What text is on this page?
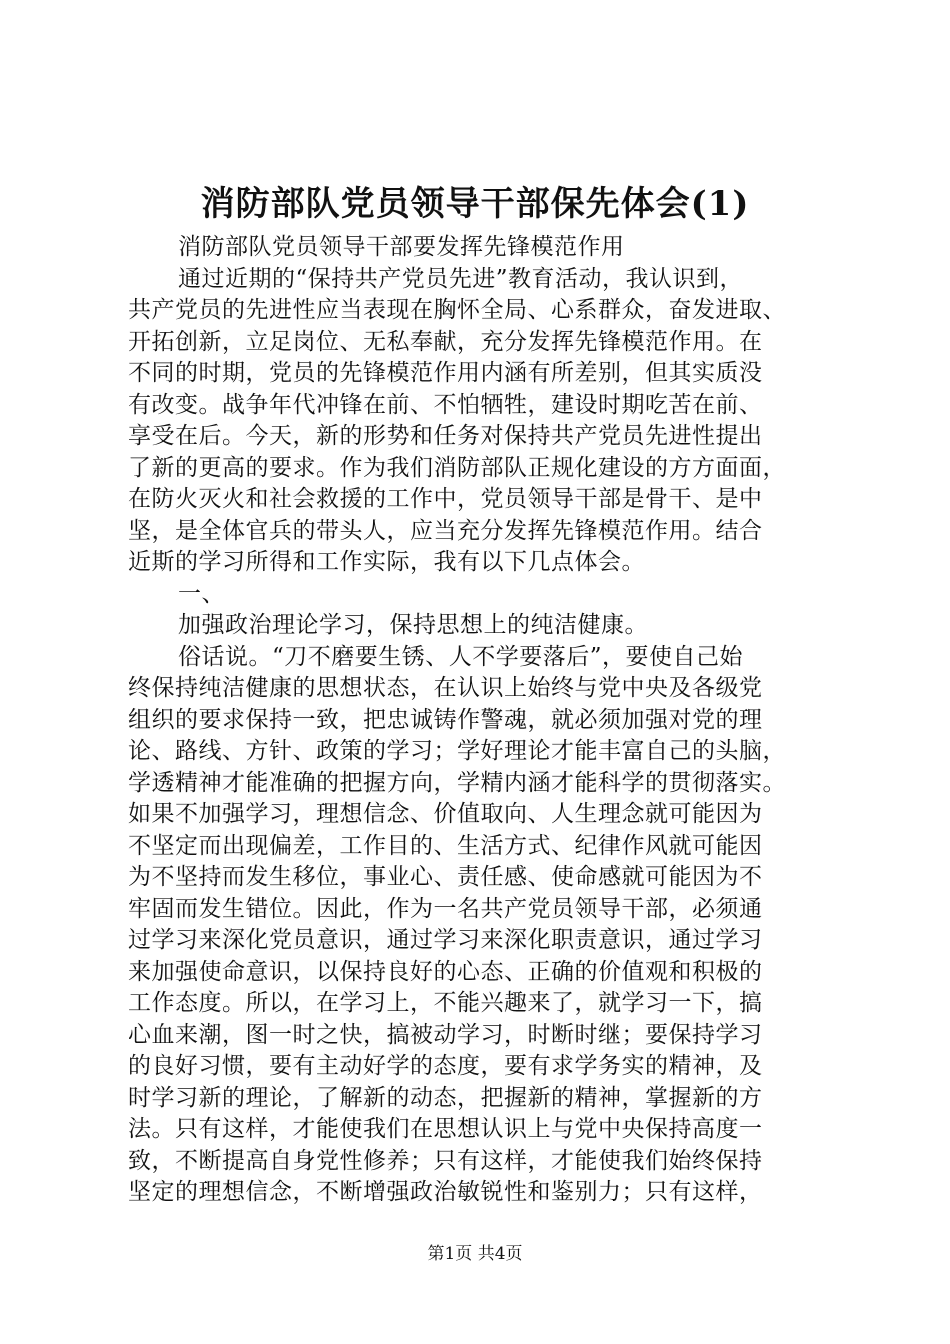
消防部队党员领导干部保先体会(1)
消防部队党员领导干部要发挥先锋模范作用
通过近期的“保持共产党员先进”教育活动，我认识到，
共产党员的先进性应当表现在胸怀全局、心系群众，奋发进取、
开拓创新，立足岗位、无私奉献，充分发挥先锋模范作用。在
不同的时期，党员的先锋模范作用内涵有所差别，但其实质没
有改变。战争年代冲锋在前、不怕牺牲，建设时期吃苦在前、
享受在后。今天，新的形势和任务对保持共产党员先进性提出
了新的更高的要求。作为我们消防部队正规化建设的方方面面，
在防火灭火和社会救援的工作中，党员领导干部是骨干、是中
坚，是全体官兵的带头人，应当充分发挥先锋模范作用。结合
近斯的学习所得和工作实际，我有以下几点体会。
一、
加强政治理论学习，保持思想上的纯洁健康。
俗话说。“刀不磨要生锈、人不学要落后”，要使自己始
终保持纯洁健康的思想状态，在认识上始终与党中央及各级党
组织的要求保持一致，把忠诚铸作警魂，就必须加强对党的理
论、路线、方针、政策的学习；学好理论才能丰富自己的头脑，
学透精神才能准确的把握方向，学精内涵才能科学的贯彻落实。
如果不加强学习，理想信念、价值取向、人生理念就可能因为
不坚定而出现偏差，工作目的、生活方式、纪律作风就可能因
为不坚持而发生移位，事业心、责任感、使命感就可能因为不
牢固而发生错位。因此，作为一名共产党员领导干部，必须通
过学习来深化党员意识，通过学习来深化职责意识，通过学习
来加强使命意识，以保持良好的心态、正确的价值观和积极的
工作态度。所以，在学习上，不能兴趣来了，就学习一下，搞
心血来潮，图一时之快，搞被动学习，时断时继；要保持学习
的良好习惯，要有主动好学的态度，要有求学务实的精神，及
时学习新的理论，了解新的动态，把握新的精神，掌握新的方
法。只有这样，才能使我们在思想认识上与党中央保持高度一
致，不断提高自身党性修养；只有这样，才能使我们始终保持
坚定的理想信念，不断增强政治敏锐性和鉴别力；只有这样，
第1页 共4页
